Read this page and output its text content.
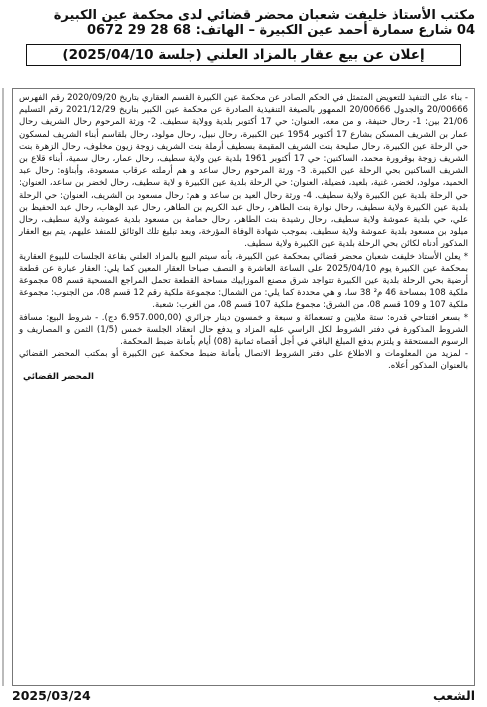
مكتب الأستاذ خليفت شعبان محضر قضائي لدى محكمة عين الكبيرة

04 شارع سمارة أحمد عين الكبيرة – الهاتف: 68 28 29 0672

إعلان عن بيع عقار بالمزاد العلني (جلسة 2025/04/10)

- بناء على التنفيذ للتعويض المتمثل في الحكم الصادر عن محكمة عين الكبيرة القسم العقاري بتاريخ 2020/09/20 رقم الفهرس 20/00666 والجدول 20/00666 الممهور بالصيغة التنفيذية الصادرة عن محكمة عين الكبير بتاريخ 2021/12/29 رقم التسليم 21/06 بين: 1- رحال حنيفة، و من معه، العنوان: حي 17 أكتوبر بلدية وولاية سطيف. 2- ورثة المرحوم رحال الشريف رحال عمار بن الشريف المسكن بشارع 17 أكتوبر 1954 عين الكبيرة، رحال نبيل، رحال مولود، رحال بلقاسم أبناء الشريف لمسكون حي الرحلة عين الكبيرة، رحال صليحة بنت الشريف المقيمة بسطيف أرملة بنت الشريف زوجة زيون مخلوف، رحال الزهرة بنت الشريف زوجة بوقرورة محمد، الساكنين: حي 17 أكتوبر 1961 بلدية عين ولاية سطيف، رحال عمار، رحال سمية، أبناء قلاع بن الشريف الساكنين بحي الرحلة عين الكبيرة. 3- ورثة المرحوم رحال ساعد و هم أرملته عرقاب مسعودة، وأبناؤه: رحال عبد الحميد، مولود، لخضر، غنية، بلعيد، فضيلة، العنوان: حي الرحلة بلدية عين الكبيرة و لاية سطيف، رحال لخضر بن ساعد، العنوان: حي الرحلة بلدية عين الكبيرة ولاية سطيف. 4- ورثة رحال العيد بن ساعد و هم: رحال مسعود بن الشريف، العنوان: حي الرحلة بلدية عين الكبيرة ولاية سطيف، رحال نوارة بنت الطاهر، رحال عبد الكريم بن الطاهر، رحال عبد الوهاب، رحال عبد الحفيظ بن علي، حي بلدية عموشة ولاية سطيف، رحال رشيدة بنت الطاهر، رحال حمامة بن مسعود بلدية عموشة ولاية سطيف، رحال ميلود بن مسعود بلدية عموشة ولاية سطيف. بموجب شهادة الوفاة المؤرخة، وبعد تبليغ تلك الوثائق للمنفذ عليهم، يتم بيع العقار المذكور أدناه لكائن بحي الرحلة بلدية عين الكبيرة ولاية سطيف.

* يعلن الأستاذ خليفت شعبان محضر قضائي بمحكمة عين الكبيرة، بأنه سيتم البيع بالمزاد العلني بقاعة الجلسات للبيوع العقارية بمحكمة عين الكبيرة يوم 2025/04/10 على الساعة العاشرة و النصف صباحا العقار المعين كما يلي: العقار عبارة عن قطعة أرضية بحي الرحلة بلدية عين الكبيرة تتواجد شرق مصنع الموزاييك مساحة القطعة تحمل المراجع المسحية قسم 08 مجموعة ملكية 108 بمساحة 46 م² 38 سا، و هي محددة كما يلي: من الشمال: مجموعة ملكية رقم 12 قسم 08، من الجنوب: مجموعة ملكية 107 و 109 قسم 08، من الشرق: مجموع ملكية 107 قسم 08، من الغرب: شعبة.

* بسعر افتتاحي قدره: ستة ملايين و تسعمائة و سبعة و خمسون دينار جزائري (6.957.000,00 دج). - شروط البيع: مسافة الشروط المذكورة في دفتر الشروط لكل الراسي عليه المزاد و يدفع حال انعقاد الجلسة خمس (1/5) الثمن و المصاريف و الرسوم المستحقة و يلتزم بدفع المبلغ الباقي في أجل أقصاه ثمانية (08) أيام بأمانة ضبط المحكمة.

- لمزيد من المعلومات و الاطلاع على دفتر الشروط الاتصال بأمانة ضبط محكمة عين الكبيرة أو بمكتب المحضر القضائي بالعنوان المذكور أعلاه.

المحضر القضائي
الشعب
2025/03/24
